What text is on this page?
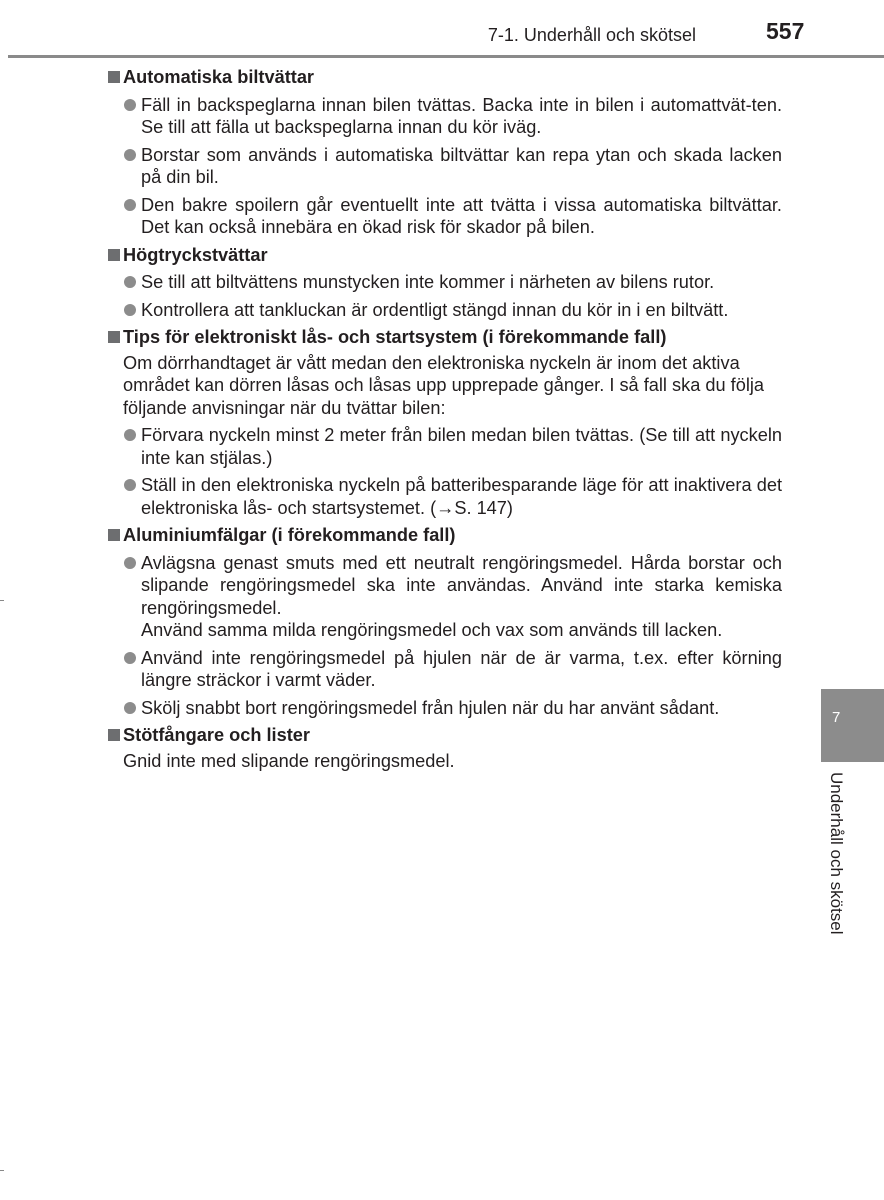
7-1. Underhåll och skötsel	557
Automatiska biltvättar
Fäll in backspeglarna innan bilen tvättas. Backa inte in bilen i automattvät-ten. Se till att fälla ut backspeglarna innan du kör iväg.
Borstar som används i automatiska biltvättar kan repa ytan och skada lacken på din bil.
Den bakre spoilern går eventuellt inte att tvätta i vissa automatiska biltvättar. Det kan också innebära en ökad risk för skador på bilen.
Högtryckstvättar
Se till att biltvättens munstycken inte kommer i närheten av bilens rutor.
Kontrollera att tankluckan är ordentligt stängd innan du kör in i en biltvätt.
Tips för elektroniskt lås- och startsystem (i förekommande fall)
Om dörrhandtaget är vått medan den elektroniska nyckeln är inom det aktiva området kan dörren låsas och låsas upp upprepade gånger. I så fall ska du följa följande anvisningar när du tvättar bilen:
Förvara nyckeln minst 2 meter från bilen medan bilen tvättas. (Se till att nyckeln inte kan stjälas.)
Ställ in den elektroniska nyckeln på batteribesparande läge för att inaktivera det elektroniska lås- och startsystemet. (→S. 147)
Aluminiumfälgar (i förekommande fall)
Avlägsna genast smuts med ett neutralt rengöringsmedel. Hårda borstar och slipande rengöringsmedel ska inte användas. Använd inte starka kemiska rengöringsmedel.
Använd samma milda rengöringsmedel och vax som används till lacken.
Använd inte rengöringsmedel på hjulen när de är varma, t.ex. efter körning längre sträckor i varmt väder.
Skölj snabbt bort rengöringsmedel från hjulen när du har använt sådant.
Stötfångare och lister
Gnid inte med slipande rengöringsmedel.
7
Underhåll och skötsel
